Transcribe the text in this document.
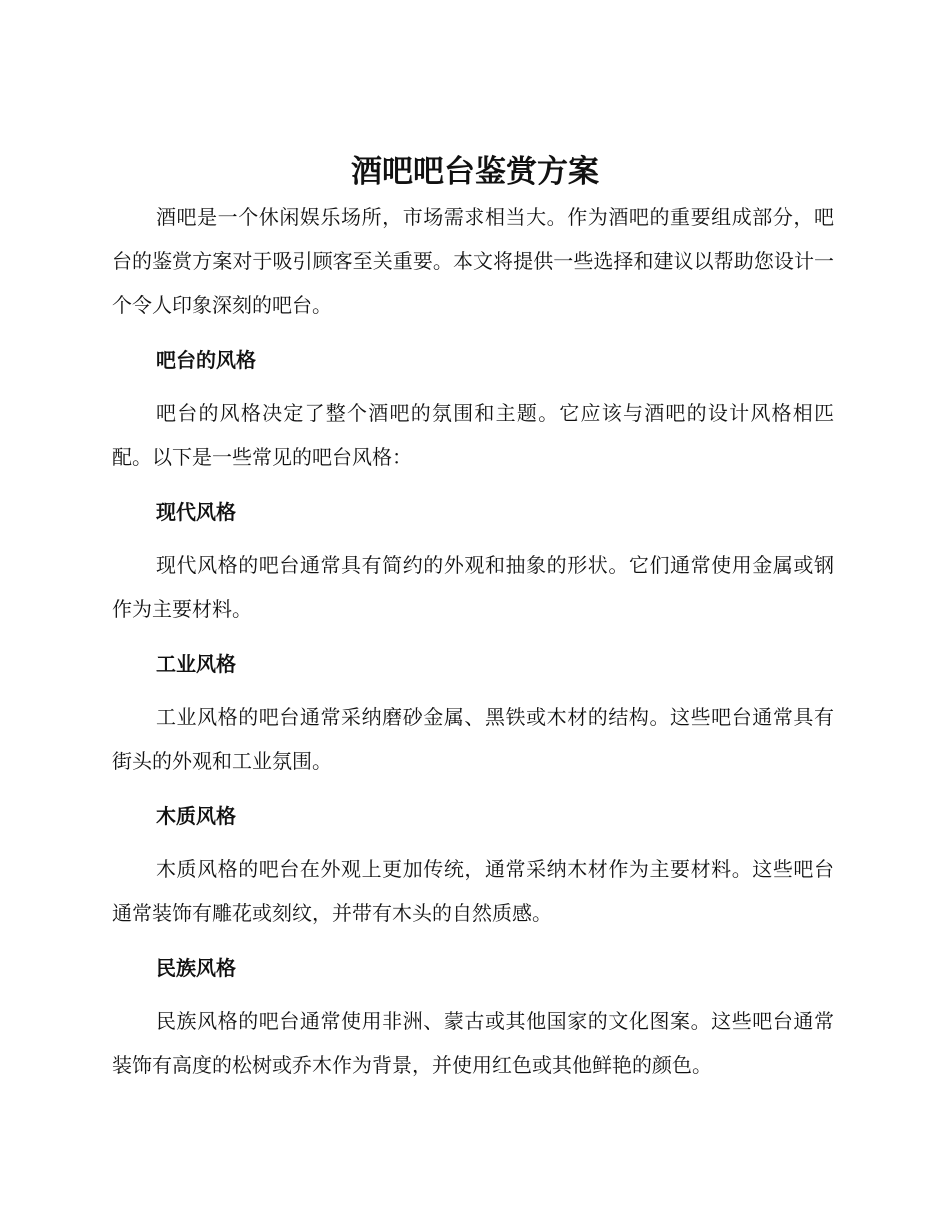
酒吧吧台鉴赏方案

酒吧是一个休闲娱乐场所，市场需求相当大。作为酒吧的重要组成部分，吧台的鉴赏方案对于吸引顾客至关重要。本文将提供一些选择和建议以帮助您设计一个令人印象深刻的吧台。

吧台的风格

吧台的风格决定了整个酒吧的氛围和主题。它应该与酒吧的设计风格相匹配。以下是一些常见的吧台风格：

现代风格

现代风格的吧台通常具有简约的外观和抽象的形状。它们通常使用金属或钢作为主要材料。

工业风格

工业风格的吧台通常采纳磨砂金属、黑铁或木材的结构。这些吧台通常具有街头的外观和工业氛围。

木质风格

木质风格的吧台在外观上更加传统，通常采纳木材作为主要材料。这些吧台通常装饰有雕花或刻纹，并带有木头的自然质感。

民族风格

民族风格的吧台通常使用非洲、蒙古或其他国家的文化图案。这些吧台通常装饰有高度的松树或乔木作为背景，并使用红色或其他鲜艳的颜色。
